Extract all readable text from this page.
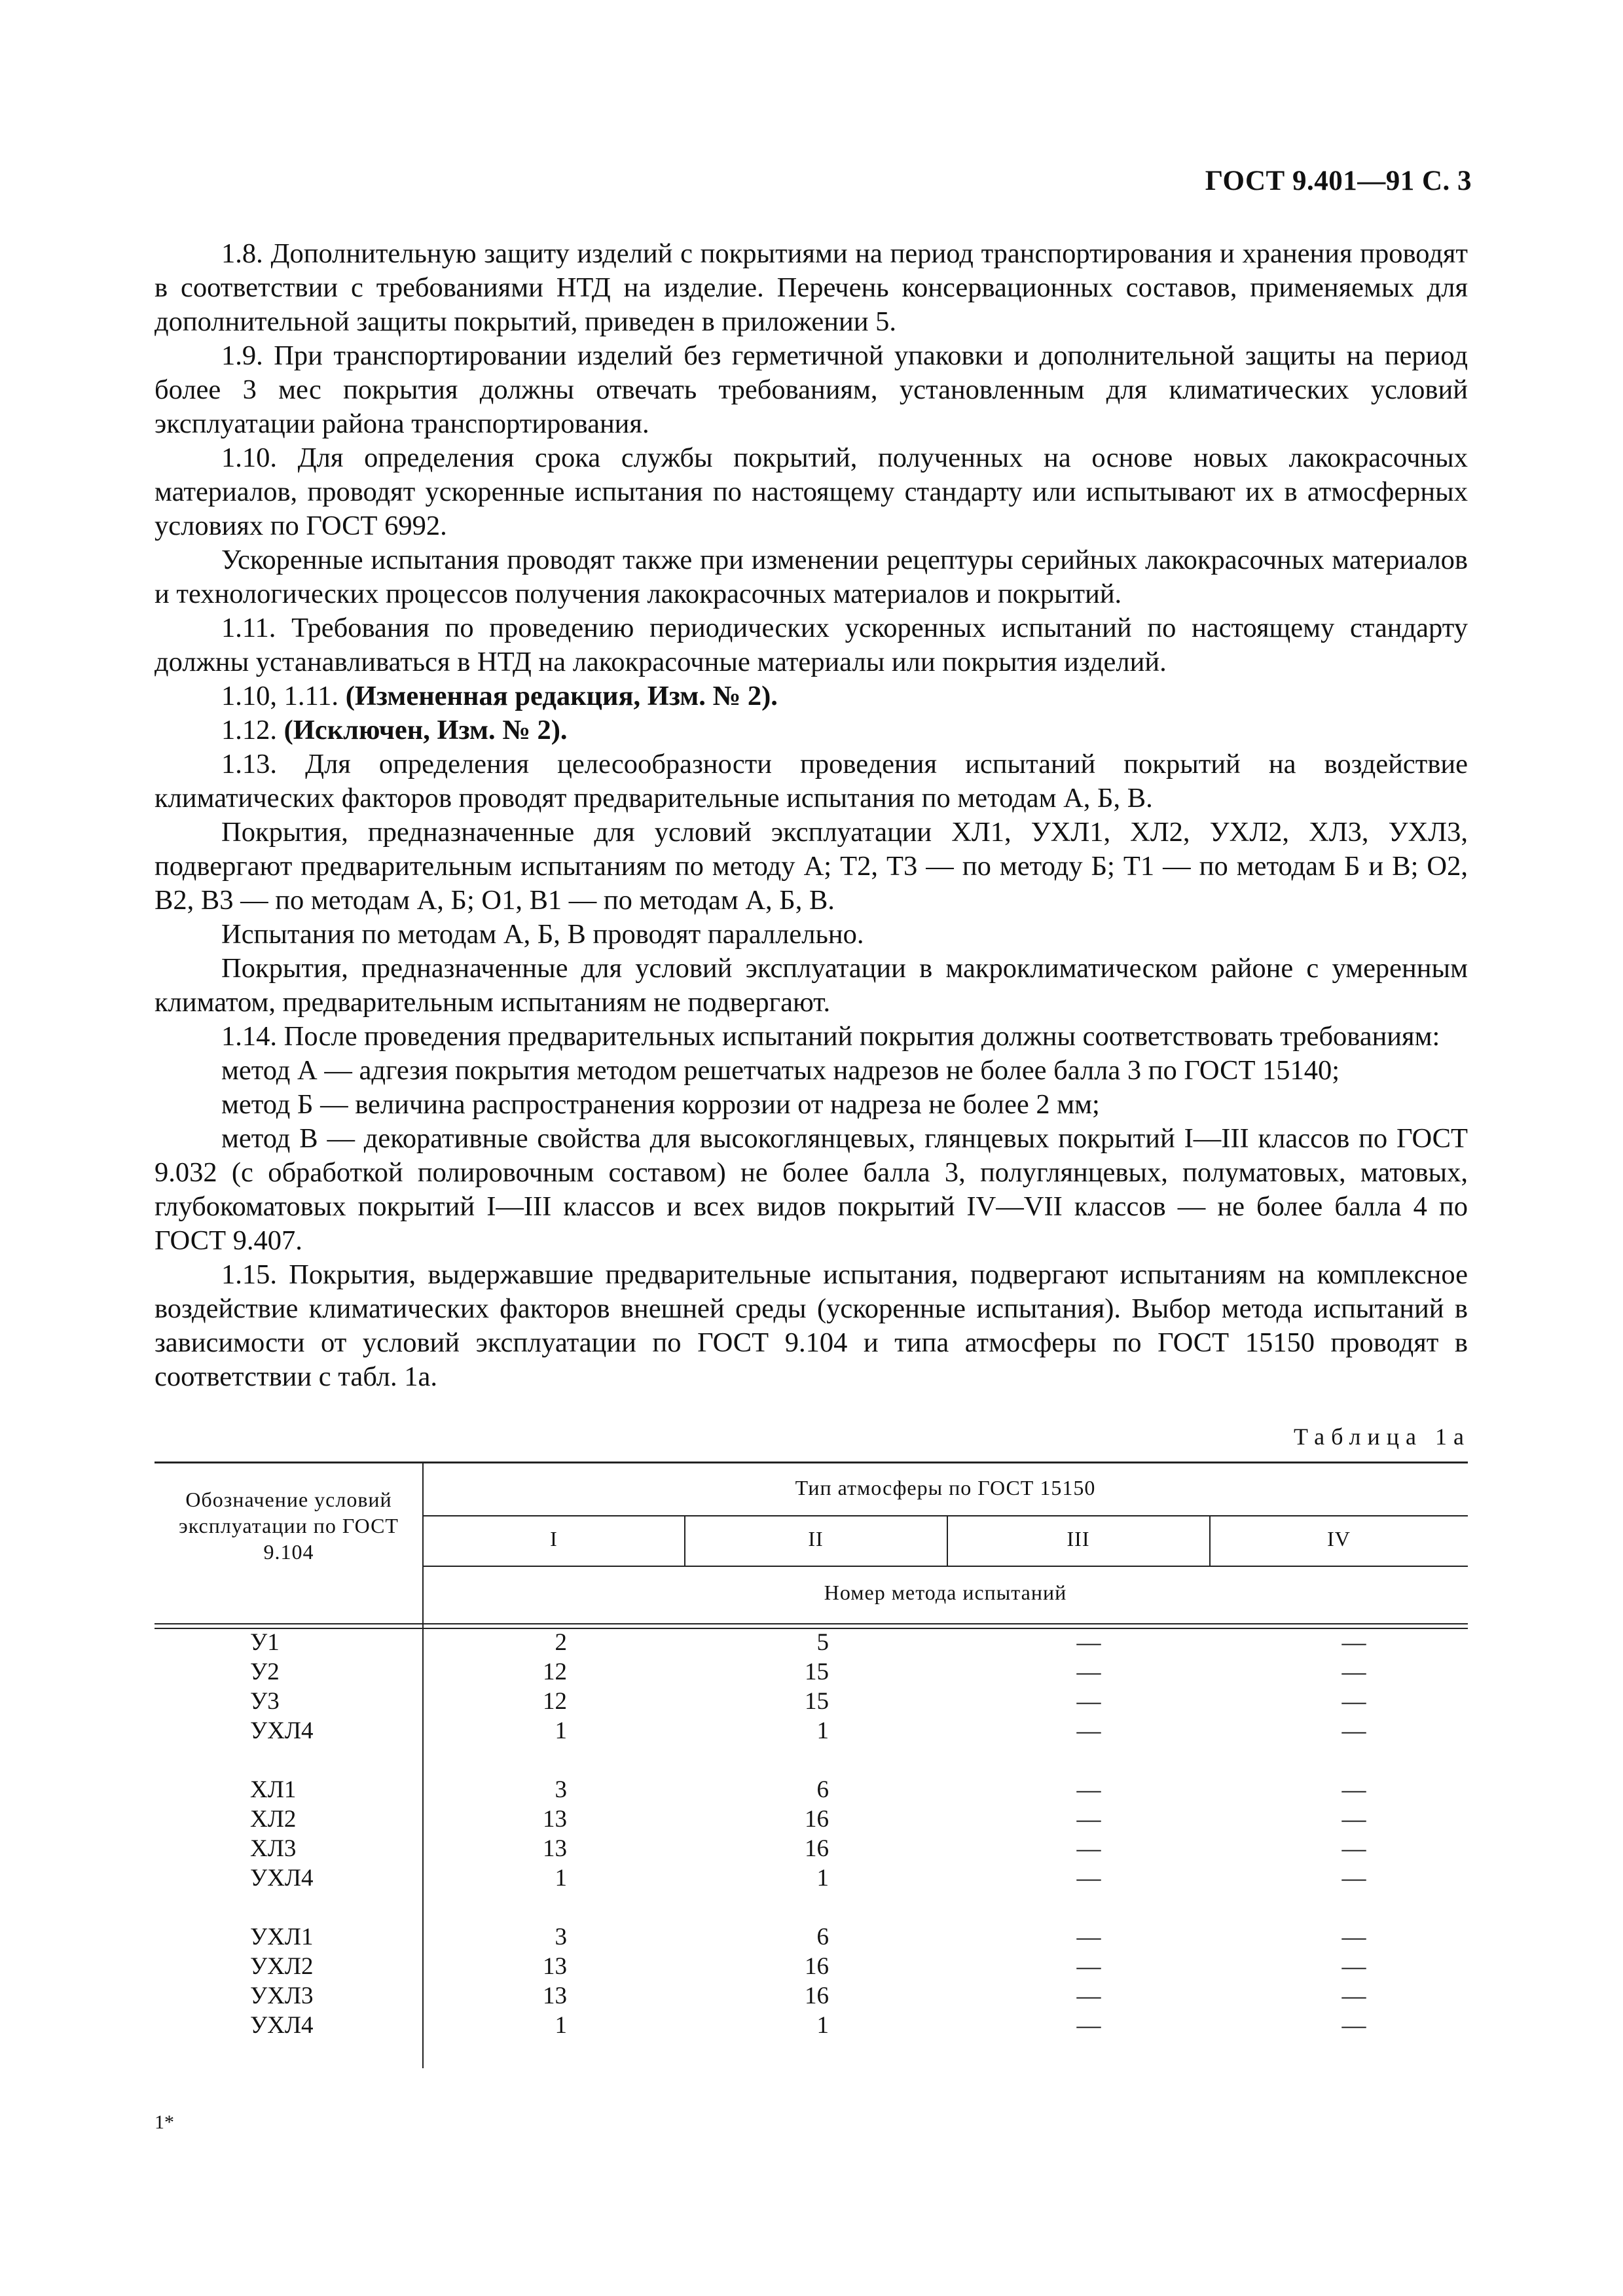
ГОСТ 9.401—91 С. 3

1.8. Дополнительную защиту изделий с покрытиями на период транспортирования и хранения проводят в соответствии с требованиями НТД на изделие. Перечень консервационных составов, применяемых для дополнительной защиты покрытий, приведен в приложении 5.

1.9. При транспортировании изделий без герметичной упаковки и дополнительной защиты на период более 3 мес покрытия должны отвечать требованиям, установленным для климатических условий эксплуатации района транспортирования.

1.10. Для определения срока службы покрытий, полученных на основе новых лакокрасочных материалов, проводят ускоренные испытания по настоящему стандарту или испытывают их в атмосферных условиях по ГОСТ 6992.

Ускоренные испытания проводят также при изменении рецептуры серийных лакокрасочных материалов и технологических процессов получения лакокрасочных материалов и покрытий.

1.11. Требования по проведению периодических ускоренных испытаний по настоящему стандарту должны устанавливаться в НТД на лакокрасочные материалы или покрытия изделий.

1.10, 1.11. (Измененная редакция, Изм. № 2).

1.12. (Исключен, Изм. № 2).

1.13. Для определения целесообразности проведения испытаний покрытий на воздействие климатических факторов проводят предварительные испытания по методам А, Б, В.

Покрытия, предназначенные для условий эксплуатации ХЛ1, УХЛ1, ХЛ2, УХЛ2, ХЛ3, УХЛ3, подвергают предварительным испытаниям по методу А; Т2, Т3 — по методу Б; Т1 — по методам Б и В; О2, В2, В3 — по методам А, Б; О1, В1 — по методам А, Б, В.

Испытания по методам А, Б, В проводят параллельно.

Покрытия, предназначенные для условий эксплуатации в макроклиматическом районе с умеренным климатом, предварительным испытаниям не подвергают.

1.14. После проведения предварительных испытаний покрытия должны соответствовать требованиям:

метод А — адгезия покрытия методом решетчатых надрезов не более балла 3 по ГОСТ 15140;

метод Б — величина распространения коррозии от надреза не более 2 мм;

метод В — декоративные свойства для высокоглянцевых, глянцевых покрытий I—III классов по ГОСТ 9.032 (с обработкой полировочным составом) не более балла 3, полуглянцевых, полуматовых, матовых, глубокоматовых покрытий I—III классов и всех видов покрытий IV—VII классов — не более балла 4 по ГОСТ 9.407.

1.15. Покрытия, выдержавшие предварительные испытания, подвергают испытаниям на комплексное воздействие климатических факторов внешней среды (ускоренные испытания). Выбор метода испытаний в зависимости от условий эксплуатации по ГОСТ 9.104 и типа атмосферы по ГОСТ 15150 проводят в соответствии с табл. 1а.

Таблица 1а
Обозначение условий эксплуатации по ГОСТ 9.104
Тип атмосферы по ГОСТ 15150
I	II	III	IV
Номер метода испытаний
У1	2	5	—	—
У2	12	15	—	—
У3	12	15	—	—
УХЛ4	1	1	—	—
ХЛ1	3	6	—	—
ХЛ2	13	16	—	—
ХЛ3	13	16	—	—
УХЛ4	1	1	—	—
УХЛ1	3	6	—	—
УХЛ2	13	16	—	—
УХЛ3	13	16	—	—
УХЛ4	1	1	—	—
1*
